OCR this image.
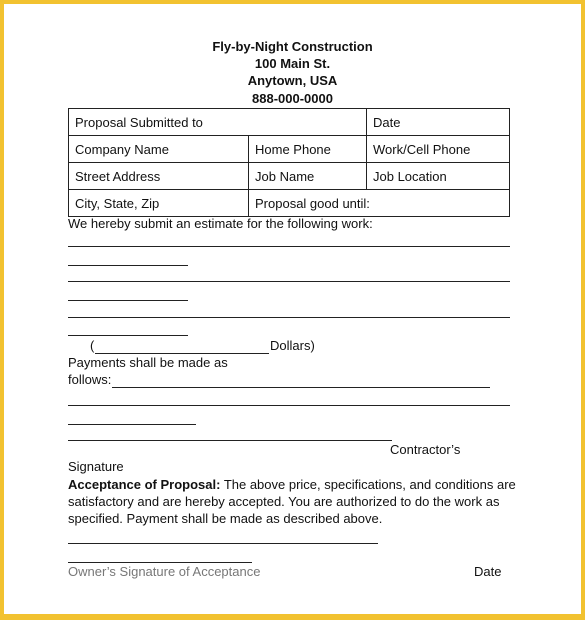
Fly-by-Night Construction
100 Main St.
Anytown, USA
888-000-0000
Proposal Submitted to		Date
Company Name	Home Phone	Work/Cell Phone
Street Address	Job Name	Job Location
City, State, Zip	Proposal good until:	
We hereby submit an estimate for the following work:
(	Dollars)
Payments shall be made as
follows:
Contractor’s
Signature
Acceptance of Proposal: The above price, specifications, and conditions are
satisfactory and are hereby accepted. You are authorized to do the work as
specified. Payment shall be made as described above.
Owner’s Signature of Acceptance	Date
